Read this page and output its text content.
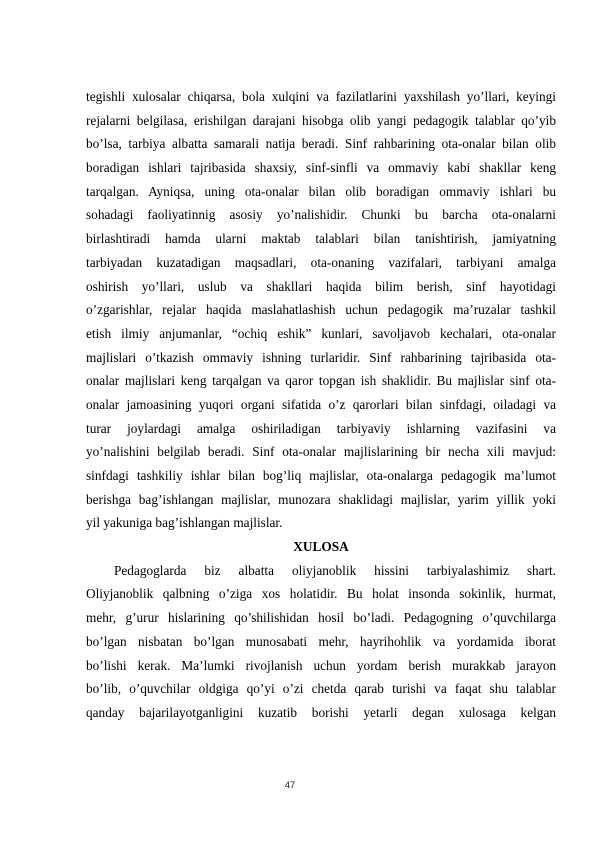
tegishli xulosalar chiqarsa, bola xulqini va fazilatlarini yaxshilash yo’llari, keyingi
rejalarni belgilasa, erishilgan darajani hisobga olib yangi pedagogik talablar qo’yib
bo’lsa, tarbiya albatta samarali natija beradi. Sinf rahbarining ota-onalar bilan olib
boradigan ishlari tajribasida shaxsiy, sinf-sinfli va ommaviy kabi shakllar keng
tarqalgan. Ayniqsa, uning ota-onalar bilan olib boradigan ommaviy ishlari bu
sohadagi faoliyatinnig asosiy yo’nalishidir. Chunki bu barcha ota-onalarni
birlashtiradi hamda ularni maktab talablari bilan tanishtirish, jamiyatning
tarbiyadan kuzatadigan maqsadlari, ota-onaning vazifalari, tarbiyani amalga
oshirish yo’llari, uslub va shakllari haqida bilim berish, sinf hayotidagi
o’zgarishlar, rejalar haqida maslahatlashish uchun pedagogik ma’ruzalar tashkil
etish ilmiy anjumanlar, “ochiq eshik” kunlari, savoljavob kechalari, ota-onalar
majlislari o’tkazish ommaviy ishning turlaridir. Sinf rahbarining tajribasida ota-
onalar majlislari keng tarqalgan va qaror topgan ish shaklidir. Bu majlislar sinf ota-
onalar jamoasining yuqori organi sifatida o’z qarorlari bilan sinfdagi, oiladagi va
turar joylardagi amalga oshiriladigan tarbiyaviy ishlarning vazifasini va
yo’nalishini belgilab beradi. Sinf ota-onalar majlislarining bir necha xili mavjud:
sinfdagi tashkiliy ishlar bilan bog’liq majlislar, ota-onalarga pedagogik ma’lumot
berishga bag’ishlangan majlislar, munozara shaklidagi majlislar, yarim yillik yoki
yil yakuniga bag’ishlangan majlislar.
XULOSA
Pedagoglarda biz albatta oliyjanoblik hissini tarbiyalashimiz shart.
Oliyjanoblik qalbning o’ziga xos holatidir. Bu holat insonda sokinlik, hurmat,
mehr, g’urur hislarining qo’shilishidan hosil bo’ladi. Pedagogning o’quvchilarga
bo’lgan nisbatan bo’lgan munosabati mehr, hayrihohlik va yordamida iborat
bo’lishi kerak. Ma’lumki rivojlanish uchun yordam berish murakkab jarayon
bo’lib, o’quvchilar oldgiga qo’yi o’zi chetda qarab turishi va faqat shu talablar
qanday bajarilayotganligini kuzatib borishi yetarli degan xulosaga kelgan
47
